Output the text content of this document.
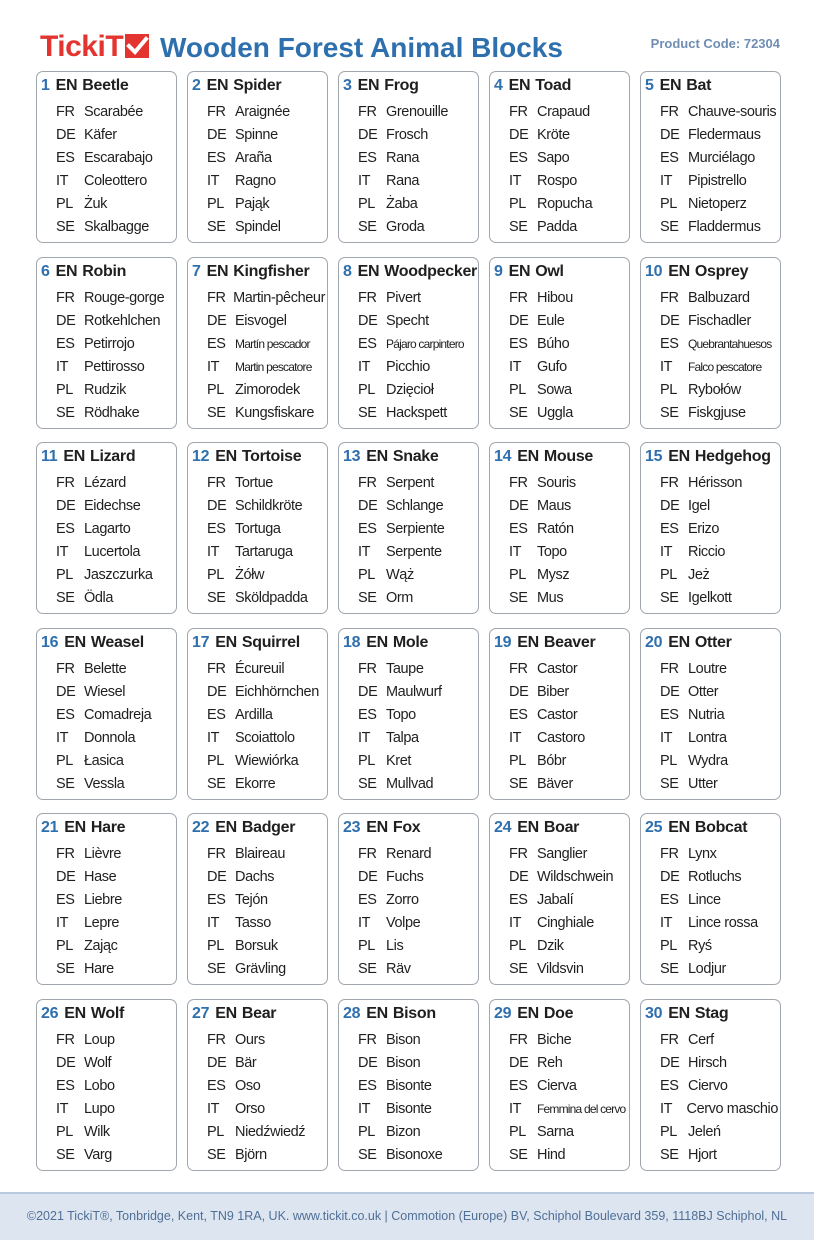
TickiT Wooden Forest Animal Blocks	Product Code: 72304
1 EN Beetle
FR Scarabée
DE Käfer
ES Escarabajo
IT	Coleottero
PL Żuk
SE Skalbagge
2 EN Spider
FR Araignée
DE Spinne
ES Araña
IT	Ragno
PL Pająk
SE Spindel
3 EN Frog
FR Grenouille
DE Frosch
ES Rana
IT	Rana
PL Żaba
SE Groda
4 EN Toad
FR Crapaud
DE Kröte
ES Sapo
IT	Rospo
PL Ropucha
SE Padda
5 EN Bat
FR Chauve-souris
DE Fledermaus
ES Murciélago
IT	Pipistrello
PL Nietoperz
SE Fladdermus
6 EN Robin
FR Rouge-gorge
DE Rotkehlchen
ES Petirrojo
IT	Pettirosso
PL Rudzik
SE Rödhake
7 EN Kingfisher
FR Martin-pêcheur
DE Eisvogel
ES Martín pescador
IT	Martin pescatore
PL Zimorodek
SE Kungsfiskare
8 EN Woodpecker
FR Pivert
DE Specht
ES Pájaro carpintero
IT	Picchio
PL Dzięcioł
SE Hackspett
9 EN Owl
FR Hibou
DE Eule
ES Búho
IT	Gufo
PL Sowa
SE Uggla
10 EN Osprey
FR Balbuzard
DE Fischadler
ES Quebrantahuesos
IT	Falco pescatore
PL Rybołów
SE Fiskgjuse
11 EN Lizard
FR Lézard
DE Eidechse
ES Lagarto
IT	Lucertola
PL Jaszczurka
SE Ödla
12 EN Tortoise
FR Tortue
DE Schildkröte
ES Tortuga
IT	Tartaruga
PL Żółw
SE Sköldpadda
13 EN Snake
FR Serpent
DE Schlange
ES Serpiente
IT	Serpente
PL Wąż
SE Orm
14 EN Mouse
FR Souris
DE Maus
ES Ratón
IT	Topo
PL Mysz
SE Mus
15 EN Hedgehog
FR Hérisson
DE Igel
ES Erizo
IT	Riccio
PL Jeż
SE Igelkott
16 EN Weasel
FR Belette
DE Wiesel
ES Comadreja
IT	Donnola
PL Łasica
SE Vessla
17 EN Squirrel
FR Écureuil
DE Eichhörnchen
ES Ardilla
IT	Scoiattolo
PL Wiewiórka
SE Ekorre
18 EN Mole
FR Taupe
DE Maulwurf
ES Topo
IT	Talpa
PL Kret
SE Mullvad
19 EN Beaver
FR Castor
DE Biber
ES Castor
IT	Castoro
PL Bóbr
SE Bäver
20 EN Otter
FR Loutre
DE Otter
ES Nutria
IT	Lontra
PL Wydra
SE Utter
21 EN Hare
FR Lièvre
DE Hase
ES Liebre
IT	Lepre
PL Zając
SE Hare
22 EN Badger
FR Blaireau
DE Dachs
ES Tejón
IT	Tasso
PL Borsuk
SE Grävling
23 EN Fox
FR Renard
DE Fuchs
ES Zorro
IT	Volpe
PL Lis
SE Räv
24 EN Boar
FR Sanglier
DE Wildschwein
ES Jabalí
IT	Cinghiale
PL Dzik
SE Vildsvin
25 EN Bobcat
FR Lynx
DE Rotluchs
ES Lince
IT	Lince rossa
PL Ryś
SE Lodjur
26 EN Wolf
FR Loup
DE Wolf
ES Lobo
IT	Lupo
PL Wilk
SE Varg
27 EN Bear
FR Ours
DE Bär
ES Oso
IT	Orso
PL Niedźwiedź
SE Björn
28 EN Bison
FR Bison
DE Bison
ES Bisonte
IT	Bisonte
PL Bizon
SE Bisonoxe
29 EN Doe
FR Biche
DE Reh
ES Cierva
IT	Femmina del cervo
PL Sarna
SE Hind
30 EN Stag
FR Cerf
DE Hirsch
ES Ciervo
IT Cervo maschio
PL Jeleń
SE Hjort
©2021 TickiT®, Tonbridge, Kent, TN9 1RA, UK. www.tickit.co.uk | Commotion (Europe) BV, Schiphol Boulevard 359, 1118BJ Schiphol, NL
